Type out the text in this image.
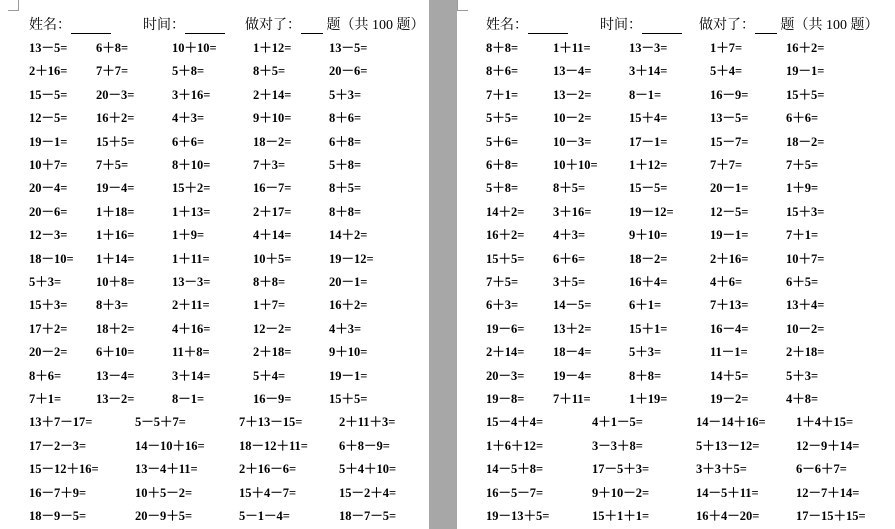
姓名：	时间：	做对了： 题（共 100 题）
13－5= 6＋8=	10＋10=	1＋12=	13－5=
2＋16= 7＋7=	5＋8=	8＋5=	20－6=
15－5= 20－3=	3＋16=	2＋14=	5＋3=
12－5= 16＋2=	4＋3=	9＋10=	8＋6=
19－1= 15＋5=	6＋6=	18－2=	6＋8=
10＋7= 7＋5=	8＋10=	7＋3=	5＋8=
20－4= 19－4=	15＋2=	16－7=	8＋5=
20－6= 1＋18=	1＋13=	2＋17=	8＋8=
12－3= 1＋16=	1＋9=	4＋14=	14＋2=
18－10= 1＋14=	1＋11=	10＋5=	19－12=
5＋3=	10＋8=	13－3=	8＋8=	20－1=
15＋3= 8＋3=	2＋11=	1＋7=	16＋2=
17＋2= 18＋2=	4＋16=	12－2=	4＋3=
20－2= 6＋10=	11＋8=	2＋18=	9＋10=
8＋6=	13－4=	3＋14=	5＋4=	19－1=
7＋1=	13－2=	8－1=	16－9=	15＋5=
13＋7－17=	5－5＋7=	7＋13－15=	2＋11＋3=
17－2－3=	14－10＋16=	18－12＋11= 6＋8－9=
15－12＋16=	13－4＋11=	2＋16－6=	5＋4＋10=
16－7＋9=	10＋5－2=	15＋4－7=	15－2＋4=
18－9－5=	20－9＋5=	5－1－4=	18－7－5=
姓名：	时间：	做对了： 题（共 100 题）
8＋8=	1＋11=	13－3=	1＋7=	16＋2=
8＋6=	13－4=	3＋14=	5＋4=	19－1=
7＋1=	13－2=	8－1=	16－9=	15＋5=
5＋5=	10－2=	15＋4=	13－5=	6＋6=
5＋6=	10－3=	17－1=	15－7=	18－2=
6＋8=	10＋10=	1＋12=	7＋7=	7＋5=
5＋8=	8＋5=	15－5=	20－1=	1＋9=
14＋2= 3＋16=	19－12=	12－5=	15＋3=
16＋2= 4＋3=	9＋10=	19－1=	7＋1=
15＋5= 6＋6=	18－2=	2＋16=	10＋7=
7＋5=	3＋5=	16＋4=	4＋6=	6＋5=
6＋3=	14－5=	6＋1=	7＋13=	13＋4=
19－6= 13＋2=	15＋1=	16－4=	10－2=
2＋14= 18－4=	5＋3=	11－1=	2＋18=
20－3= 19－4=	8＋8=	14＋5=	5＋3=
19－8= 7＋11=	1＋19=	19－2=	4＋8=
15－4＋4=	4＋1－5=	14－14＋16= 1＋4＋15=
1＋6＋12=	3－3＋8=	5＋13－12=	12－9＋14=
14－5＋8=	17－5＋3=	3＋3＋5=	6－6＋7=
16－5－7=	9＋10－2=	14－5＋11=	12－7＋14=
19－13＋5=	15＋1＋1=	16＋4－20=	17－15＋15=
